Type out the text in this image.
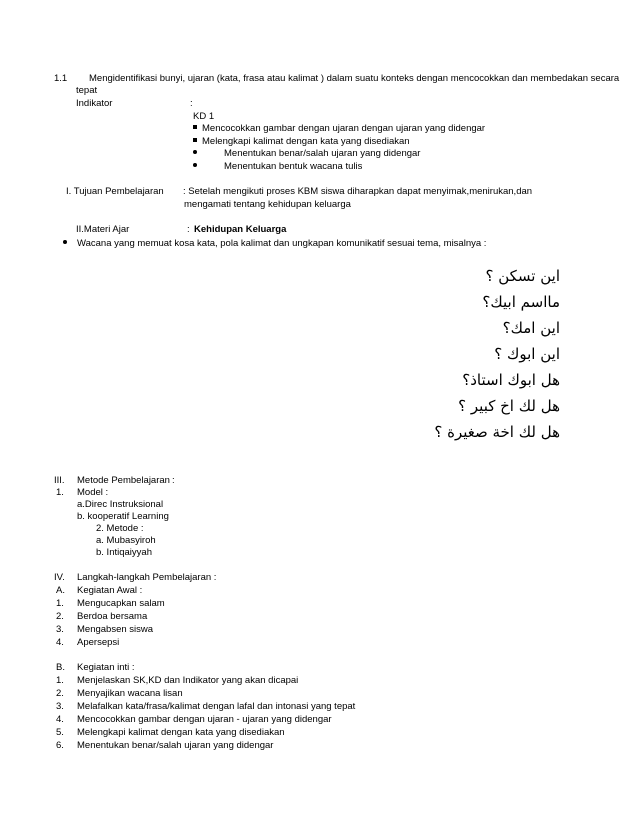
1.1 Mengidentifikasi bunyi, ujaran (kata, frasa atau kalimat ) dalam suatu konteks dengan mencocokkan dan membedakan secara
tepat
Indikator	:
KD 1
Mencocokkan gambar dengan ujaran dengan ujaran yang didengar
Melengkapi kalimat dengan kata yang disediakan
Menentukan benar/salah ujaran yang didengar
Menentukan bentuk wacana tulis
I. Tujuan Pembelajaran : Setelah mengikuti proses KBM siswa diharapkan dapat menyimak,menirukan,dan
mengamati tentang kehidupan keluarga
II.Materi Ajar	: Kehidupan Keluarga
Wacana yang memuat kosa kata, pola kalimat dan ungkapan komunikatif sesuai tema, misalnya :
اين تسكن ؟
مااسم ابيك؟
اين امك؟
اين ابوك ؟
هل ابوك استاذ؟
هل لك اخ كبير ؟
هل لك اخة صغيرة ؟
III. Metode Pembelajaran :
1. Model :
a.Direc Instruksional
b. kooperatif Learning
2. Metode :
a. Mubasyiroh
b. Intiqaiyyah
IV. Langkah-langkah Pembelajaran :
A. Kegiatan Awal :
1. Mengucapkan salam
2. Berdoa bersama
3. Mengabsen siswa
4. Apersepsi
B. Kegiatan inti :
1. Menjelaskan SK,KD dan Indikator yang akan dicapai
2. Menyajikan wacana lisan
3. Melafalkan kata/frasa/kalimat dengan lafal dan intonasi yang tepat
4. Mencocokkan gambar dengan ujaran - ujaran yang didengar
5. Melengkapi kalimat dengan kata yang disediakan
6. Menentukan benar/salah ujaran yang didengar
